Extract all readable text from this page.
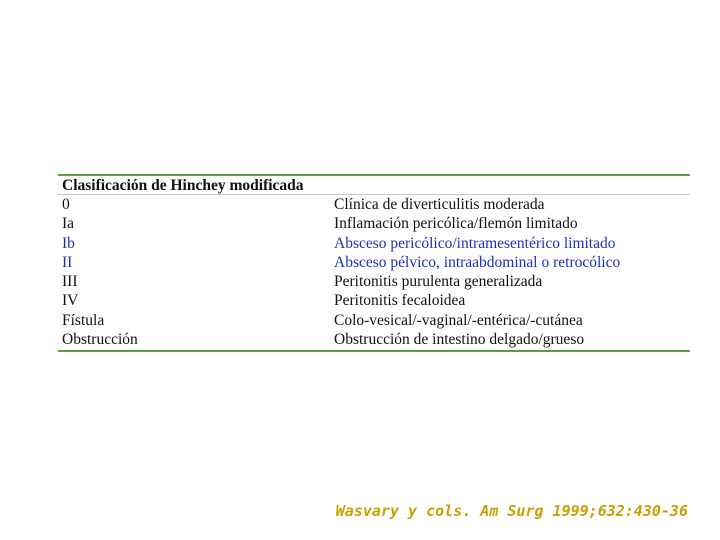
Clasificación de Hinchey modificada
0	Clínica de diverticulitis moderada
Ia	Inflamación pericólica/flemón limitado
Ib	Absceso pericólico/intramesentérico limitado
II	Absceso pélvico, intraabdominal o retrocólico
III	Peritonitis purulenta generalizada
IV	Peritonitis fecaloidea
Fístula	Colo-vesical/-vaginal/-entérica/-cutánea
Obstrucción	Obstrucción de intestino delgado/grueso
Wasvary y cols. Am Surg 1999;632:430-36
